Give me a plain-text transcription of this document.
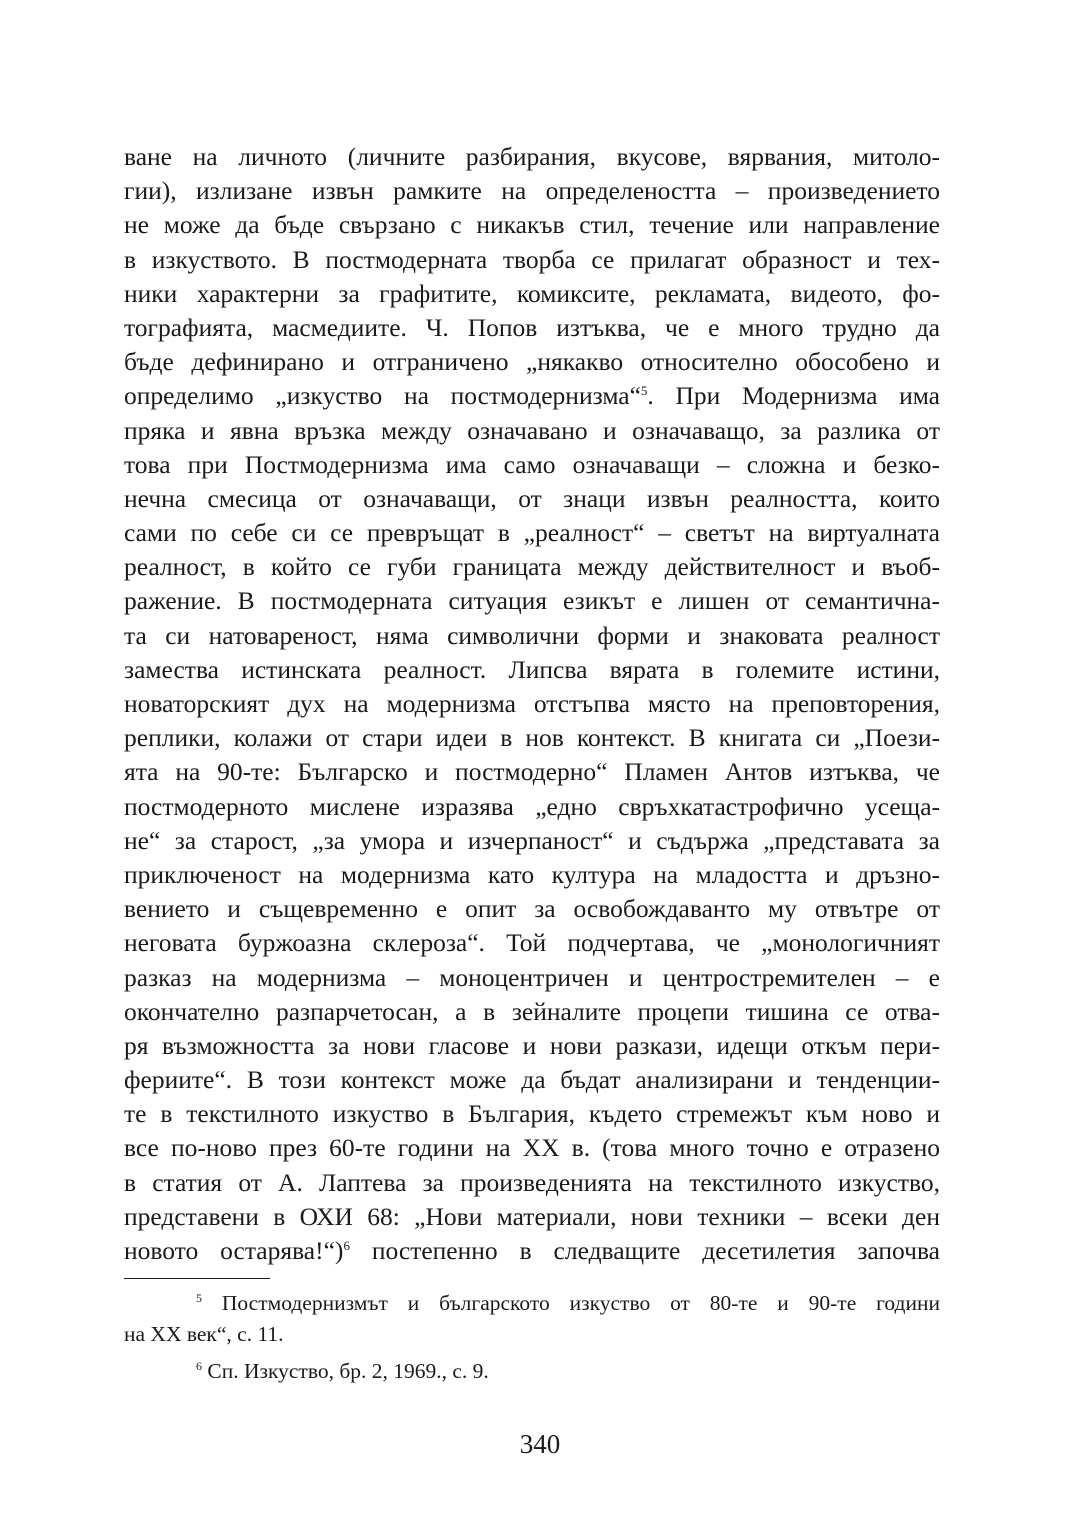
ване на личното (личните разбирания, вкусове, вярвания, митоло-
гии), излизане извън рамките на определеността – произведението
не може да бъде свързано с никакъв стил, течение или направление
в изкуството. В постмодерната творба се прилагат образност и тех-
ники характерни за графитите, комиксите, рекламата, видеото, фо-
тографията, масмедиите. Ч. Попов изтъква, че е много трудно да
бъде дефинирано и отграничено „някакво относително обособено и
определимо „изкуство на постмодернизма“$^5$. При Модернизма има
пряка и явна връзка между означавано и означаващо, за разлика от
това при Постмодернизма има само означаващи – сложна и безко-
нечна смесица от означаващи, от знаци извън реалността, които
сами по себе си се превръщат в „реалност“ – светът на виртуалната
реалност, в който се губи границата между действителност и въоб-
ражение. В постмодерната ситуация езикът е лишен от семантична-
та си натовареност, няма символични форми и знаковата реалност
замества истинската реалност. Липсва вярата в големите истини,
новаторският дух на модернизма отстъпва място на преповторения,
реплики, колажи от стари идеи в нов контекст. В книгата си „Поези-
ята на 90-те: Българско и постмодерно“ Пламен Антов изтъква, че
постмодерното мислене изразява „едно свръхкатастрофично усеща-
не“ за старост, „за умора и изчерпаност“ и съдържа „представата за
приключеност на модернизма като култура на младостта и дръзно-
вението и същевременно е опит за освобождаванто му отвътре от
неговата буржоазна склероза“. Той подчертава, че „монологичният
разказ на модернизма – моноцентричен и центростремителен – е
окончателно разпарчетосан, а в зейналите процепи тишина се отва-
ря възможността за нови гласове и нови разкази, идещи откъм пери-
фериите“. В този контекст може да бъдат анализирани и тенденции-
те в текстилното изкуство в България, където стремежът към ново и
все по-ново през 60-те години на ХХ в. (това много точно е отразено
в статия от А. Лаптева за произведенията на текстилното изкуство,
представени в ОХИ 68: „Нови материали, нови техники – всеки ден
новото остарява!“)$^6$ постепенно в следващите десетилетия започва
$^5$ Постмодернизмът и българското изкуство от 80-те и 90-те години
на ХХ век“, с. 11.
$^6$ Сп. Изкуство, бр. 2, 1969., с. 9.
340
